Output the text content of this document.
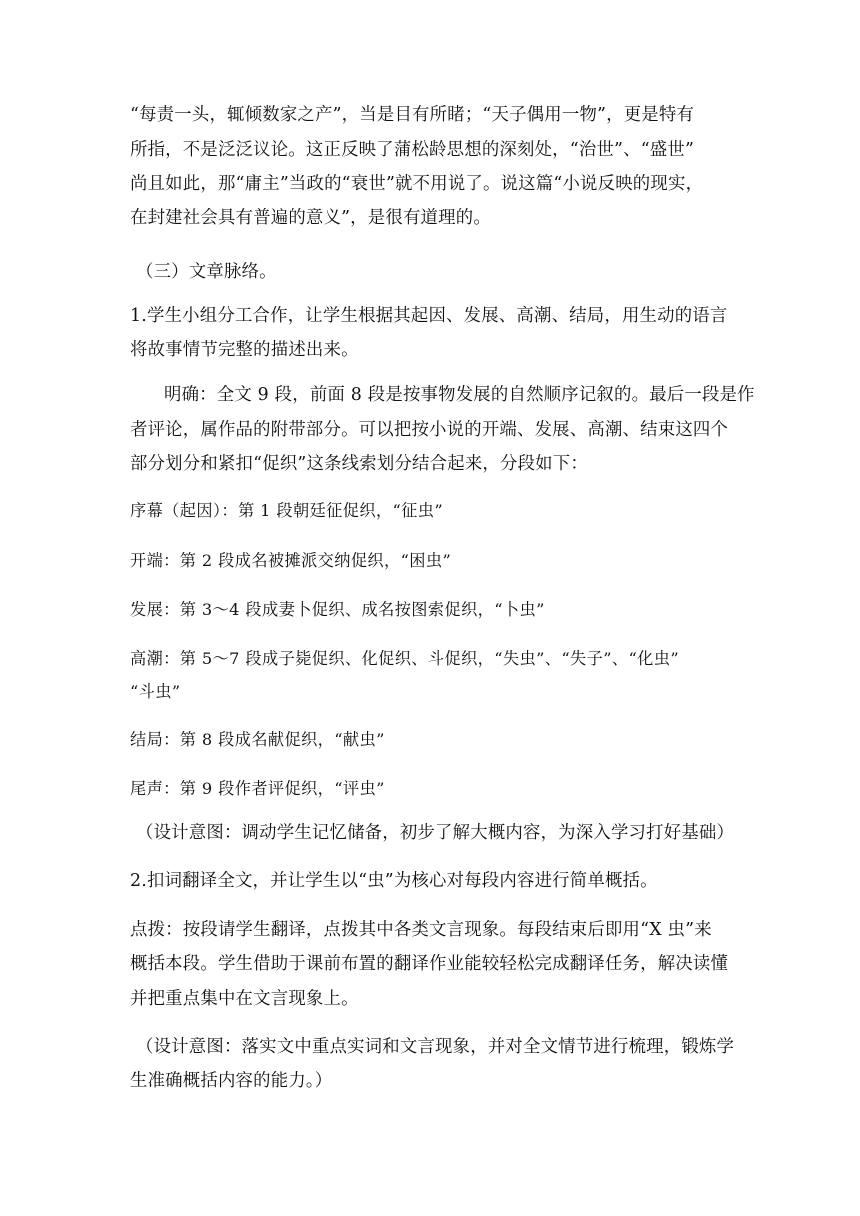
“每责一头，辄倾数家之产”，当是目有所睹；“天子偶用一物”，更是特有
所指，不是泛泛议论。这正反映了蒲松龄思想的深刻处，“治世”、“盛世”
尚且如此，那“庸主”当政的“衰世”就不用说了。说这篇“小说反映的现实，
在封建社会具有普遍的意义”，是很有道理的。
（三）文章脉络。
1.学生小组分工合作，让学生根据其起因、发展、高潮、结局，用生动的语言
将故事情节完整的描述出来。
明确：全文 9 段，前面 8 段是按事物发展的自然顺序记叙的。最后一段是作
者评论，属作品的附带部分。可以把按小说的开端、发展、高潮、结束这四个
部分划分和紧扣“促织”这条线索划分结合起来，分段如下：
序幕（起因）：第 1 段朝廷征促织，“征虫”
开端：第 2 段成名被摊派交纳促织，“困虫”
发展：第 3～4 段成妻卜促织、成名按图索促织，“卜虫”
高潮：第 5～7 段成子毙促织、化促织、斗促织，“失虫”、“失子”、“化虫”
“斗虫”
结局：第 8 段成名献促织，“献虫”
尾声：第 9 段作者评促织，“评虫”
（设计意图：调动学生记忆储备，初步了解大概内容，为深入学习打好基础）
2.扣词翻译全文，并让学生以“虫”为核心对每段内容进行简单概括。
点拨：按段请学生翻译，点拨其中各类文言现象。每段结束后即用“X 虫”来
概括本段。学生借助于课前布置的翻译作业能较轻松完成翻译任务，解决读懂
并把重点集中在文言现象上。
（设计意图：落实文中重点实词和文言现象，并对全文情节进行梳理，锻炼学
生准确概括内容的能力。）
